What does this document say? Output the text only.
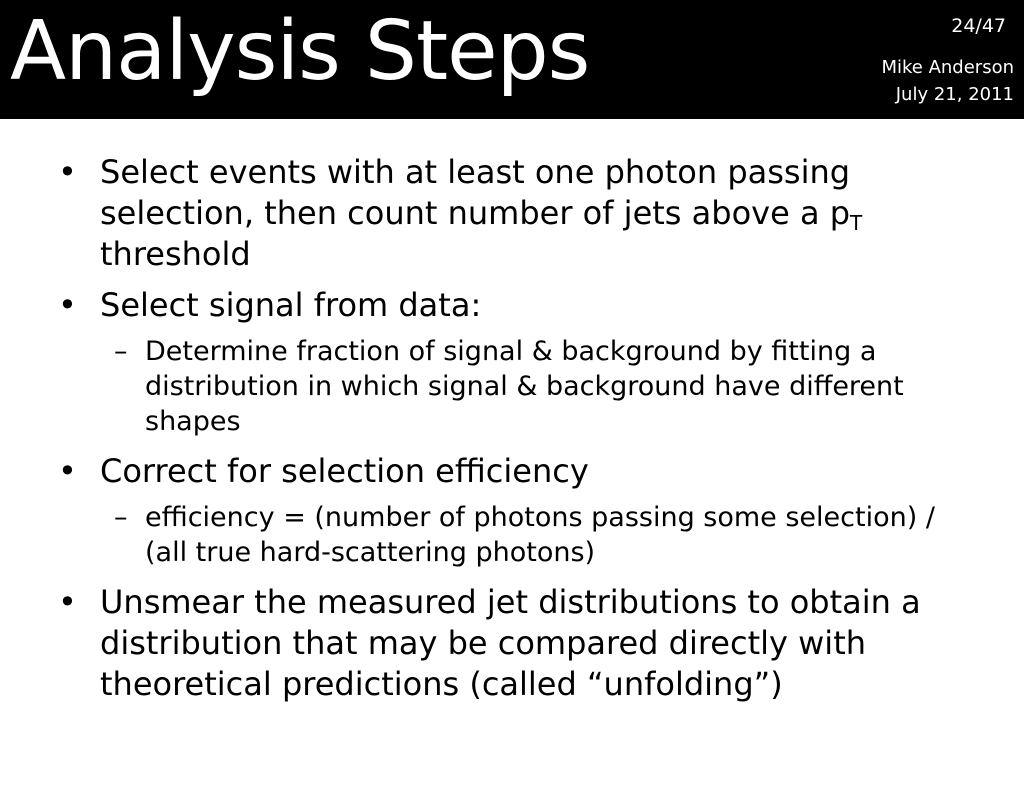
Analysis Steps	24/47
Mike Anderson
July 21, 2011
• Select events with at least one photon passing selection, then count number of jets above a $p_T$ threshold
• Select signal from data:
– Determine fraction of signal & background by fitting a distribution in which signal & background have different shapes
• Correct for selection efficiency
– efficiency = (number of photons passing some selection) / (all true hard-scattering photons)
• Unsmear the measured jet distributions to obtain a distribution that may be compared directly with theoretical predictions (called “unfolding”)
